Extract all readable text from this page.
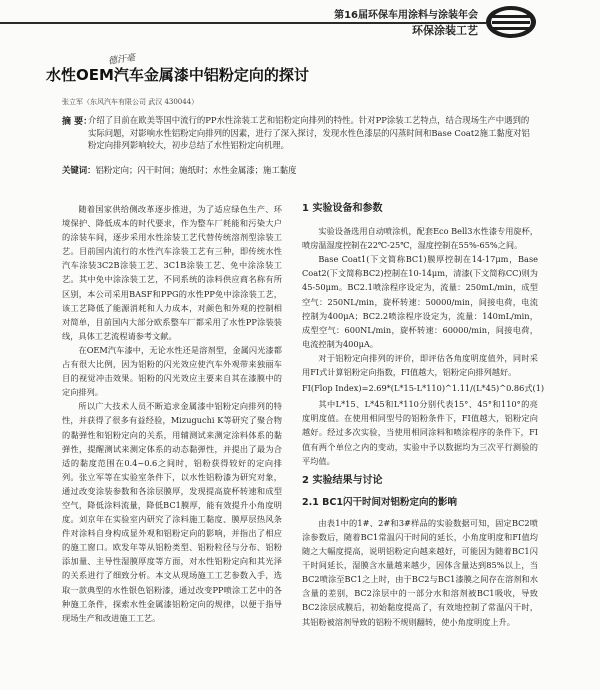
第16届环保车用涂料与涂装年会
环保涂装工艺
德汗毫
水性OEM汽车金属漆中铝粉定向的探讨
张立军（东风汽车有限公司 武汉 430044）
摘 要：
介绍了目前在欧美等国中流行的PP水性涂装工艺和铝粉定向排列的特性。针对PP涂装工艺特点，结合现场生产中遇到的实际问题，对影响水性铝粉定向排列的因素，进行了深入探讨，发现水性色漆层的闪蒸时间和Base Coat2施工黏度对铝粉定向排列影响较大，初步总结了水性铝粉定向机理。
关键词：铝粉定向；闪干时间；施纸时；水性金属漆；施工黏度

随着国家供给侧改革逐步推进，为了适应绿色生产、环境保护、降低成本的时代要求，作为整车厂耗能和污染大户的涂装车间，逐步采用水性涂装工艺代替传统溶剂型涂装工艺。目前国内流行的水性汽车涂装工艺有三种，即传统水性汽车涂装3C2B涂装工艺、3C1B涂装工艺、免中涂涂装工艺。其中免中涂涂装工艺，不同系统的涂料供应商名称有所区别，本公司采用BASF和PPG的水性PP免中涂涂装工艺，该工艺降低了能源消耗和人力成本，对颜色和外观的控制相对简单，目前国内大部分欧系整车厂都采用了水性PP涂装装线，具体工艺流程请参考文献。

在OEM汽车漆中，无论水性还是溶剂型，金属闪光漆都占有很大比例，因为铝粉的闪光效应使汽车外观带来独丽车目的视觉冲击效果。铝粉的闪光效应主要来自其在漆膜中的定向排列。

所以广大技术人员不断追求金属漆中铝粉定向排列的特性，并获得了很多有益经验，Mizuguchi K等研究了聚合物的黏弹性和铝粉定向的关系，用辅测试来测定涂料体系的黏弹性，提醒测试来测定体系的动态黏弹性，并提出了最为合适的黏度范围在0.4~0.6之间时，铝粉获得较好的定向排列。张立军等在实验室条件下，以水性铝粉漆为研究对象，通过改变涂装参数和各涂层膜厚，发现提高旋杯转速和成型空气，降低涂料流量，降低BC1膜厚，能有效提升小角度明度。刘京年在实验室内研究了涂料施工黏度、膜厚层热风条件对涂料自身构成显外观和铝粉定向的影响，并指出了相应的施工窗口。欧发年等从铝粉类型、铝粉粒径与分布、铝粉添加量、主导性湿膜厚度等方面，对水性铝粉定向和其光泽的关系进行了细致分析。本文从现场施工工艺参数入手，选取一款典型的水性银色铝粉漆，通过改变PP喷涂工艺中的各种施工条件，探索水性金属漆铝粉定向的规律，以便于指导现场生产和改进施工工艺。

1 实验设备和参数

实验设备选用自动喷涂机，配套Eco Bell3水性漆专用旋杯，喷房温湿度控制在22℃-25℃，湿度控制在55%-65%之间。

Base Coat1(下文简称BC1)膜厚控制在14-17μm，Base Coat2(下文简称BC2)控制在10-14μm，清漆(下文简称CC)则为45-50μm。BC2.1喷涂程序设定为，流量：250mL/min，成型空气：250NL/min，旋杯转速：50000/min，间接电荷，电流控制为400μA；BC2.2喷涂程序设定为，流量：140mL/min，成型空气：600NL/min，旋杯转速：60000/min，间接电荷，电流控制为400μA。

对于铝粉定向排列的评价，即评估各角度明度值外，同时采用FI式计算铝粉定向指数，FI值越大，铝粉定向排列越好。

FI(Flop Index)=2.69*(L*15-L*110)^1.11/(L*45)^0.86 式(1)

其中L*15、L*45和L*110分别代表15°、45°和110°的亮度明度值。在使用相同型号的铝粉条件下，FI值越大，铝粉定向越好。经过多次实验，当使用相同涂料和喷涂程序的条件下，FI值有两个单位之内的变动，实验中予以数据均为三次平行测验的平均值。

2 实验结果与讨论
2.1 BC1闪干时间对铝粉定向的影响

由表1中的1#、2#和3#样品的实验数据可知，固定BC2喷涂参数后，随着BC1常温闪干时间的延长，小角度明度和FI值均随之大幅度提高，说明铝粉定向越来越好，可能因为随着BC1闪干时间延长，湿膜含水量越来越少，因体含量达到85%以上，当BC2喷涂至BC1之上时，由于BC2与BC1漆膜之间存在溶剂和水含量的差别，BC2涂层中的一部分水和溶剂被BC1吸收，导致BC2涂层成膜后，初始黏度提高了，有效地控制了常温闪干时，其铝粉被溶剂导致的铝粉不规则翻转，使小角度明度上升。
